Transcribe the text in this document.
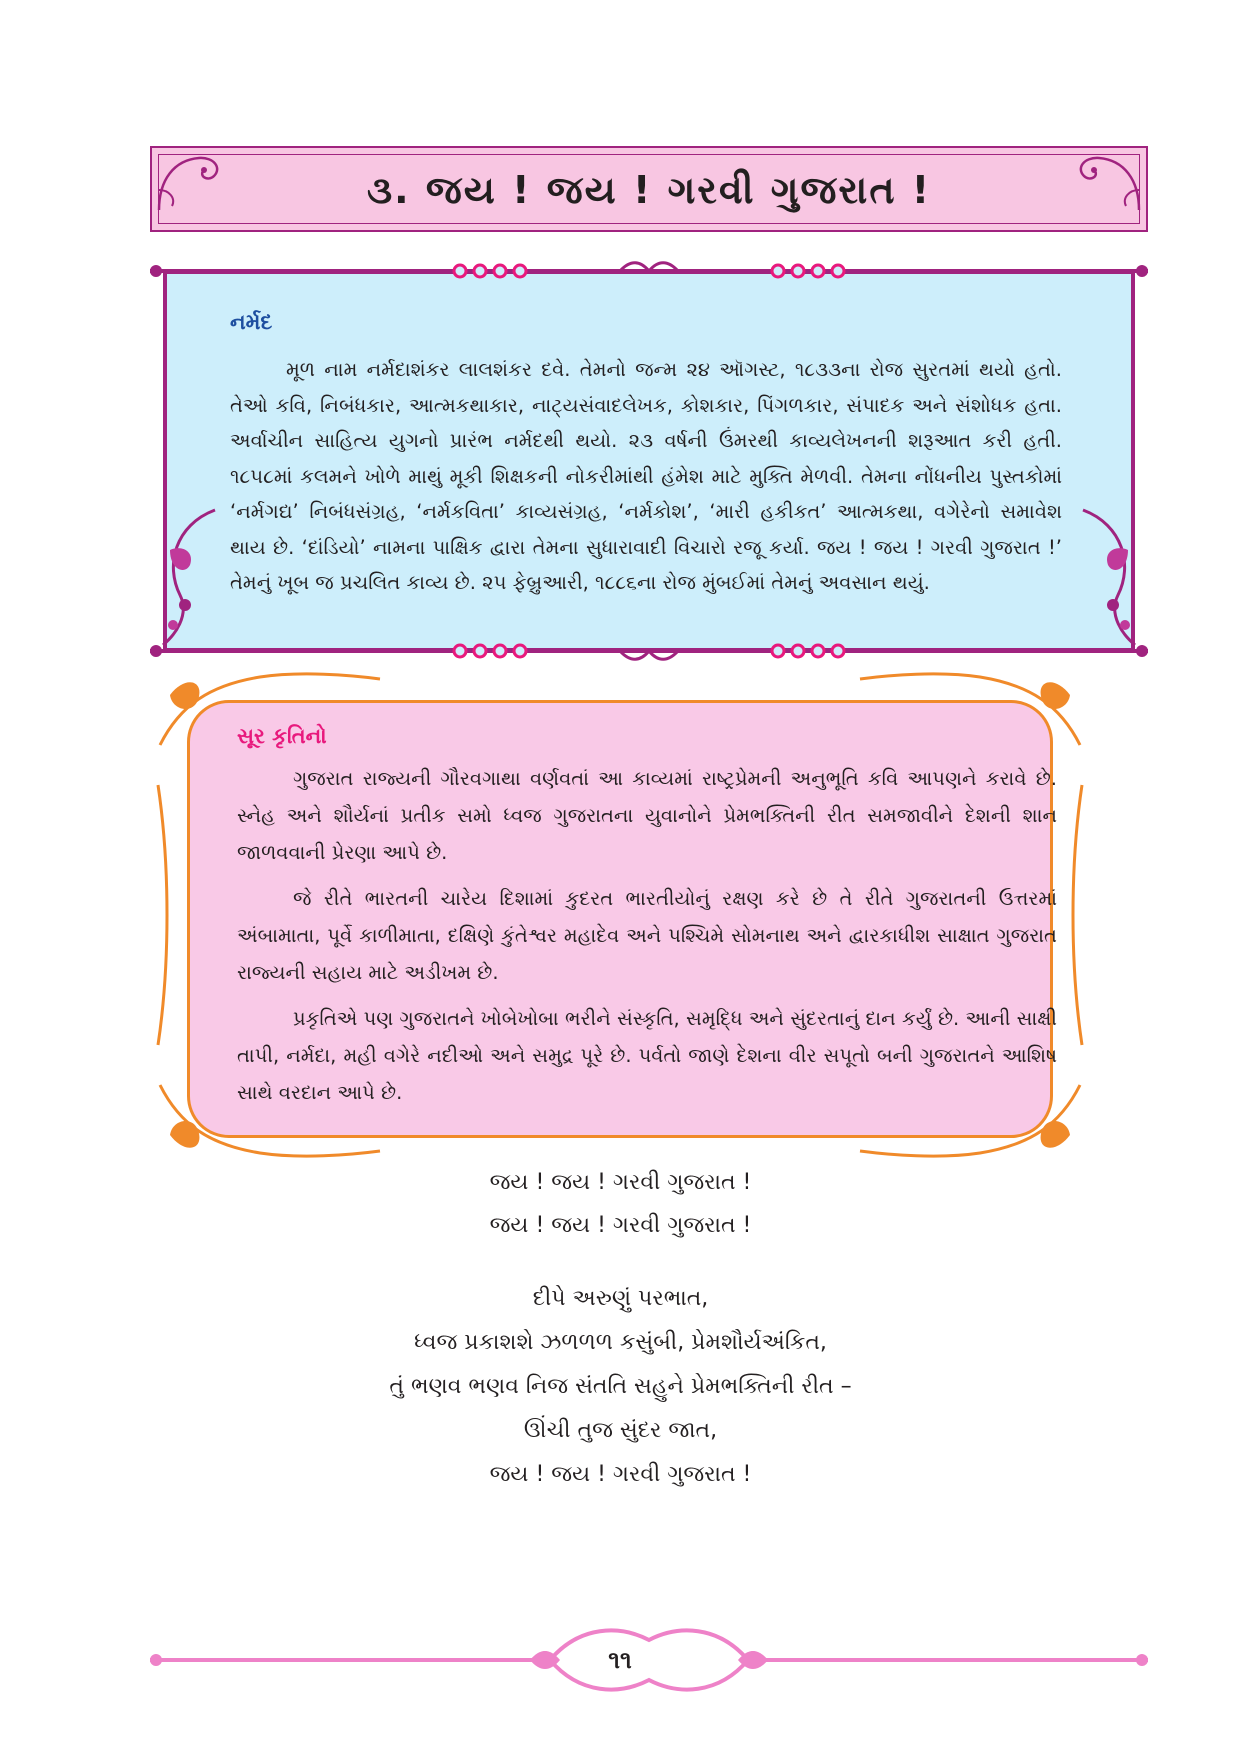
૩. જય ! જય ! ગરવી ગુજરાત !
નર્મદ
મૂળ નામ નર્મદાશંકર લાલશંકર દવે. તેમનો જન્મ ૨૪ ઑગસ્ટ, ૧૮૩૩ના રોજ સુરતમાં થયો હતો. તેઓ કવિ, નિબંધકાર, આત્મકથાકાર, નાટ્યસંવાદલેખક, કોશકાર, પિંગળકાર, સંપાદક અને સંશોધક હતા. અર્વાચીન સાહિત્ય યુગનો પ્રારંભ નર્મદથી થયો. ૨૩ વર્ષની ઉંમરથી કાવ્યલેખનની શરૂઆત કરી હતી. ૧૮૫૮માં કલમને ખોળે માથું મૂકી શિક્ષકની નોકરીમાંથી હંમેશ માટે મુક્તિ મેળવી. તેમના નોંધનીય પુસ્તકોમાં ‘નર્મગદ્ય’ નિબંધસંગ્રહ, ‘નર્મકવિતા’ કાવ્યસંગ્રહ, ‘નર્મકોશ’, ‘મારી હકીકત’ આત્મકથા, વગેરેનો સમાવેશ થાય છે. ‘દાંડિયો’ નામના પાક્ષિક દ્વારા તેમના સુધારાવાદી વિચારો રજૂ કર્યા. જય ! જય ! ગરવી ગુજરાત !’ તેમનું ખૂબ જ પ્રચલિત કાવ્ય છે. ૨૫ ફેબ્રુઆરી, ૧૮૮૬ના રોજ મુંબઈમાં તેમનું અવસાન થયું.
સૂર કૃતિનો

ગુજરાત રાજ્યની ગૌરવગાથા વર્ણવતાં આ કાવ્યમાં રાષ્ટ્રપ્રેમની અનુભૂતિ કવિ આપણને કરાવે છે. સ્નેહ અને શૌર્યનાં પ્રતીક સમો ધ્વજ ગુજરાતના યુવાનોને પ્રેમભક્તિની રીત સમજાવીને દેશની શાન જાળવવાની પ્રેરણા આપે છે.

જે રીતે ભારતની ચારેય દિશામાં કુદરત ભારતીયોનું રક્ષણ કરે છે તે રીતે ગુજરાતની ઉત્તરમાં અંબામાતા, પૂર્વે કાળીમાતા, દક્ષિણે કુંતેશ્વર મહાદેવ અને પશ્ચિમે સોમનાથ અને દ્વારકાધીશ સાક્ષાત ગુજરાત રાજ્યની સહાય માટે અડીખમ છે.

પ્રકૃતિએ પણ ગુજરાતને ખોબેખોબા ભરીને સંસ્કૃતિ, સમૃદ્ધિ અને સુંદરતાનું દાન કર્યું છે. આની સાક્ષી તાપી, નર્મદા, મહી વગેરે નદીઓ અને સમુદ્ર પૂરે છે. પર્વતો જાણે દેશના વીર સપૂતો બની ગુજરાતને આશિષ સાથે વરદાન આપે છે.

જય ! જય ! ગરવી ગુજરાત !
જય ! જય ! ગરવી ગુજરાત !
દીપે અરુણું પરભાત,
ધ્વજ પ્રકાશશે ઝળળળ કસુંબી, પ્રેમશૌર્યઅંકિત,
તું ભણવ ભણવ નિજ સંતતિ સહુને પ્રેમભક્તિની રીત –
ઊંચી તુજ સુંદર જાત,
જય ! જય ! ગરવી ગુજરાત !
૧૧
